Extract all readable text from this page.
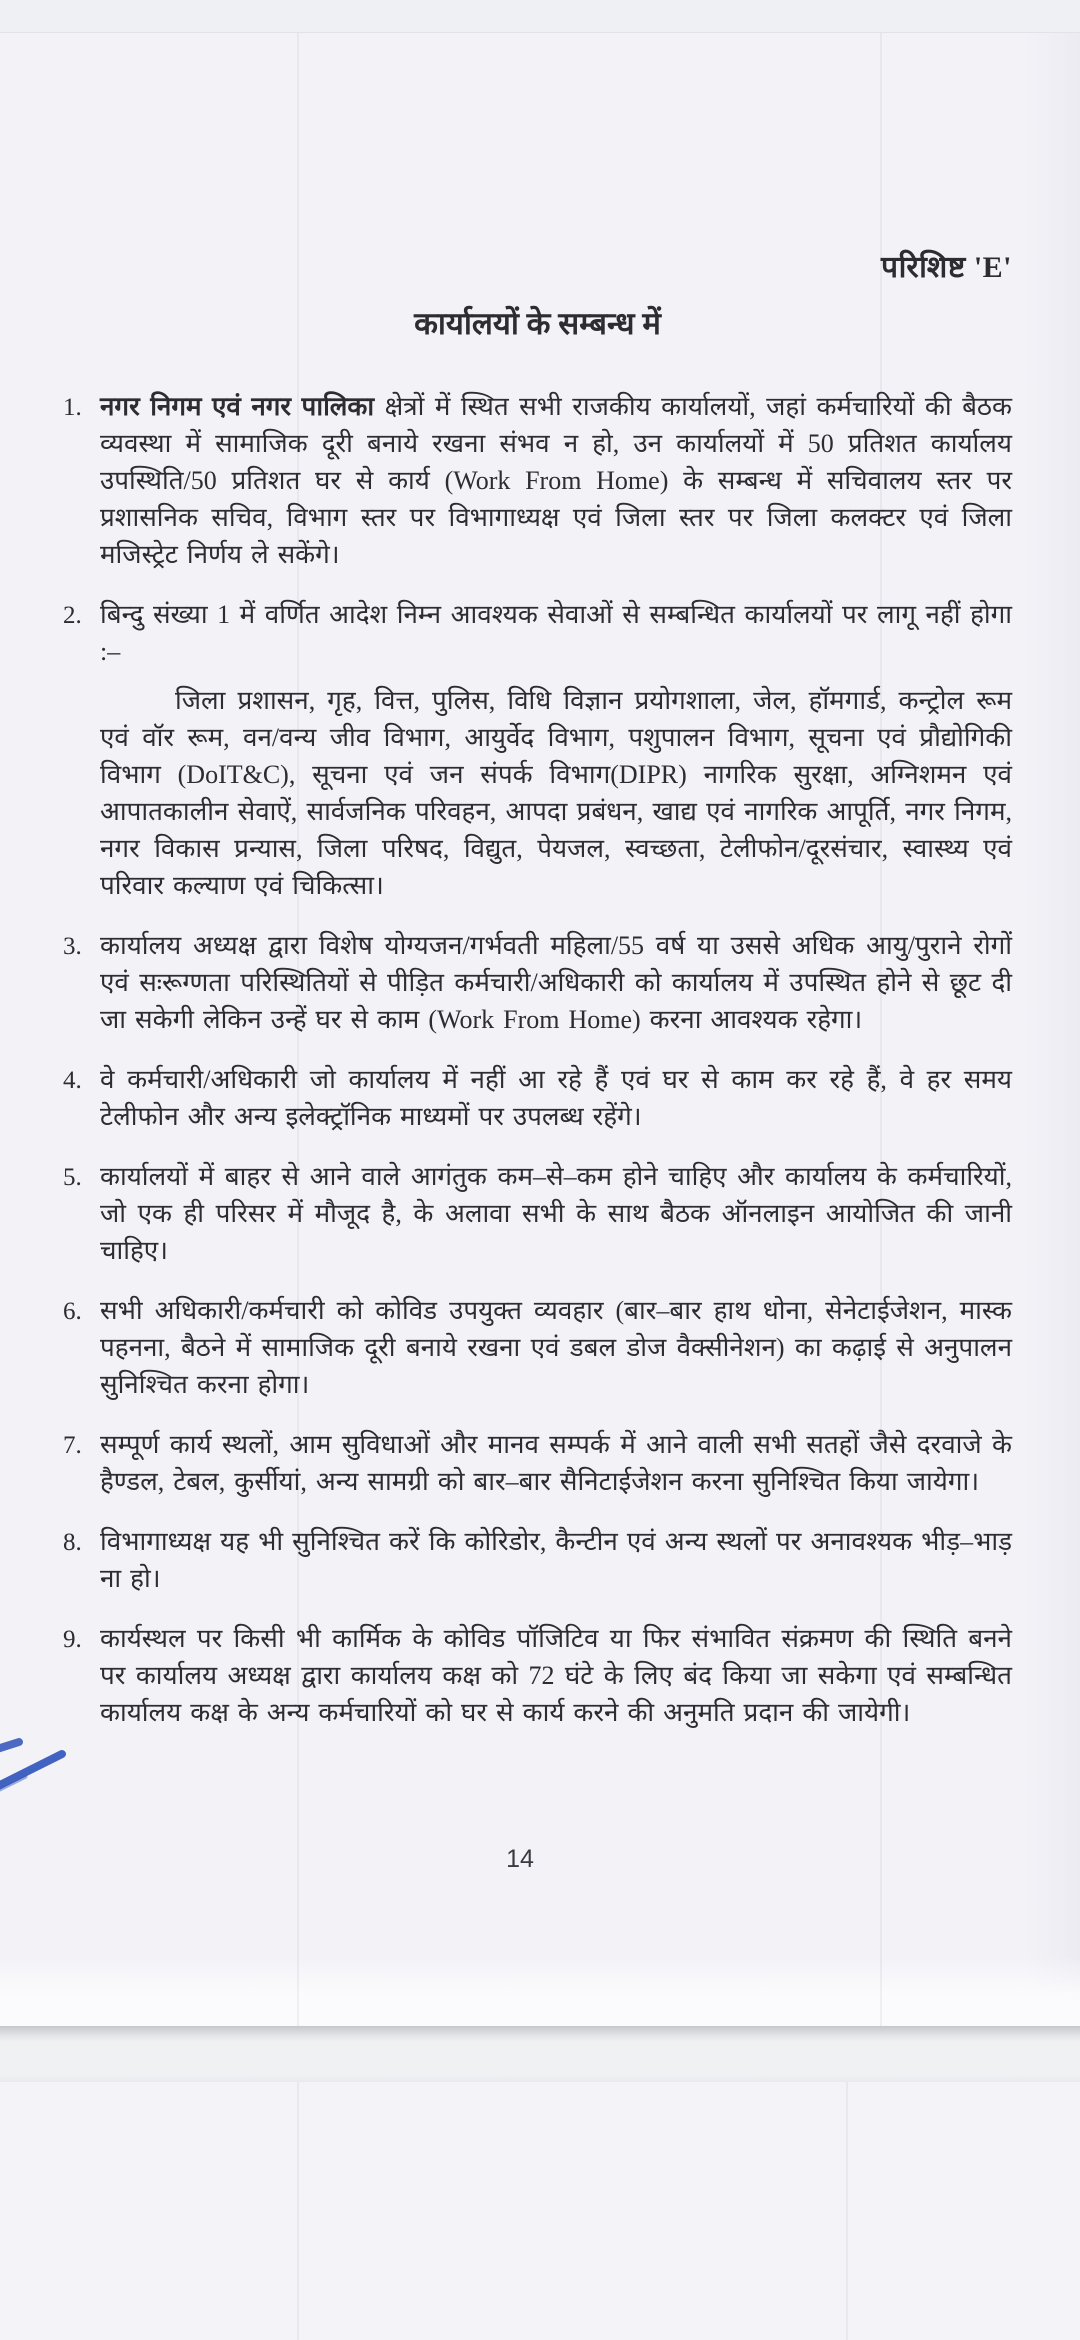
परिशिष्ट 'E'
कार्यालयों के सम्बन्ध में
1. नगर निगम एवं नगर पालिका क्षेत्रों में स्थित सभी राजकीय कार्यालयों, जहां कर्मचारियों की बैठक व्यवस्था में सामाजिक दूरी बनाये रखना संभव न हो, उन कार्यालयों में 50 प्रतिशत कार्यालय उपस्थिति/50 प्रतिशत घर से कार्य (Work From Home) के सम्बन्ध में सचिवालय स्तर पर प्रशासनिक सचिव, विभाग स्तर पर विभागाध्यक्ष एवं जिला स्तर पर जिला कलक्टर एवं जिला मजिस्ट्रेट निर्णय ले सकेंगे।
2. बिन्दु संख्या 1 में वर्णित आदेश निम्न आवश्यक सेवाओं से सम्बन्धित कार्यालयों पर लागू नहीं होगा :–

जिला प्रशासन, गृह, वित्त, पुलिस, विधि विज्ञान प्रयोगशाला, जेल, हॉमगार्ड, कन्ट्रोल रूम एवं वॉर रूम, वन/वन्य जीव विभाग, आयुर्वेद विभाग, पशुपालन विभाग, सूचना एवं प्रौद्योगिकी विभाग (DoIT&C), सूचना एवं जन संपर्क विभाग(DIPR) नागरिक सुरक्षा, अग्निशमन एवं आपातकालीन सेवाऐं, सार्वजनिक परिवहन, आपदा प्रबंधन, खाद्य एवं नागरिक आपूर्ति, नगर निगम, नगर विकास प्रन्यास, जिला परिषद, विद्युत, पेयजल, स्वच्छता, टेलीफोन/दूरसंचार, स्वास्थ्य एवं परिवार कल्याण एवं चिकित्सा।

3. कार्यालय अध्यक्ष द्वारा विशेष योग्यजन/गर्भवती महिला/55 वर्ष या उससे अधिक आयु/पुराने रोगों एवं सःरूग्णता परिस्थितियों से पीड़ित कर्मचारी/अधिकारी को कार्यालय में उपस्थित होने से छूट दी जा सकेगी लेकिन उन्हें घर से काम (Work From Home) करना आवश्यक रहेगा।
4. वे कर्मचारी/अधिकारी जो कार्यालय में नहीं आ रहे हैं एवं घर से काम कर रहे हैं, वे हर समय टेलीफोन और अन्य इलेक्ट्रॉनिक माध्यमों पर उपलब्ध रहेंगे।
5. कार्यालयों में बाहर से आने वाले आगंतुक कम–से–कम होने चाहिए और कार्यालय के कर्मचारियों, जो एक ही परिसर में मौजूद है, के अलावा सभी के साथ बैठक ऑनलाइन आयोजित की जानी चाहिए।
6. सभी अधिकारी/कर्मचारी को कोविड उपयुक्त व्यवहार (बार–बार हाथ धोना, सेनेटाईजेशन, मास्क पहनना, बैठने में सामाजिक दूरी बनाये रखना एवं डबल डोज वैक्सीनेशन) का कढ़ाई से अनुपालन सुनिश्चित करना होगा।
7. सम्पूर्ण कार्य स्थलों, आम सुविधाओं और मानव सम्पर्क में आने वाली सभी सतहों जैसे दरवाजे के हैण्डल, टेबल, कुर्सीयां, अन्य सामग्री को बार–बार सैनिटाईजेशन करना सुनिश्चित किया जायेगा।
8. विभागाध्यक्ष यह भी सुनिश्चित करें कि कोरिडोर, कैन्टीन एवं अन्य स्थलों पर अनावश्यक भीड़–भाड़ ना हो।
9. कार्यस्थल पर किसी भी कार्मिक के कोविड पॉजिटिव या फिर संभावित संक्रमण की स्थिति बनने पर कार्यालय अध्यक्ष द्वारा कार्यालय कक्ष को 72 घंटे के लिए बंद किया जा सकेगा एवं सम्बन्धित कार्यालय कक्ष के अन्य कर्मचारियों को घर से कार्य करने की अनुमति प्रदान की जायेगी।
14
